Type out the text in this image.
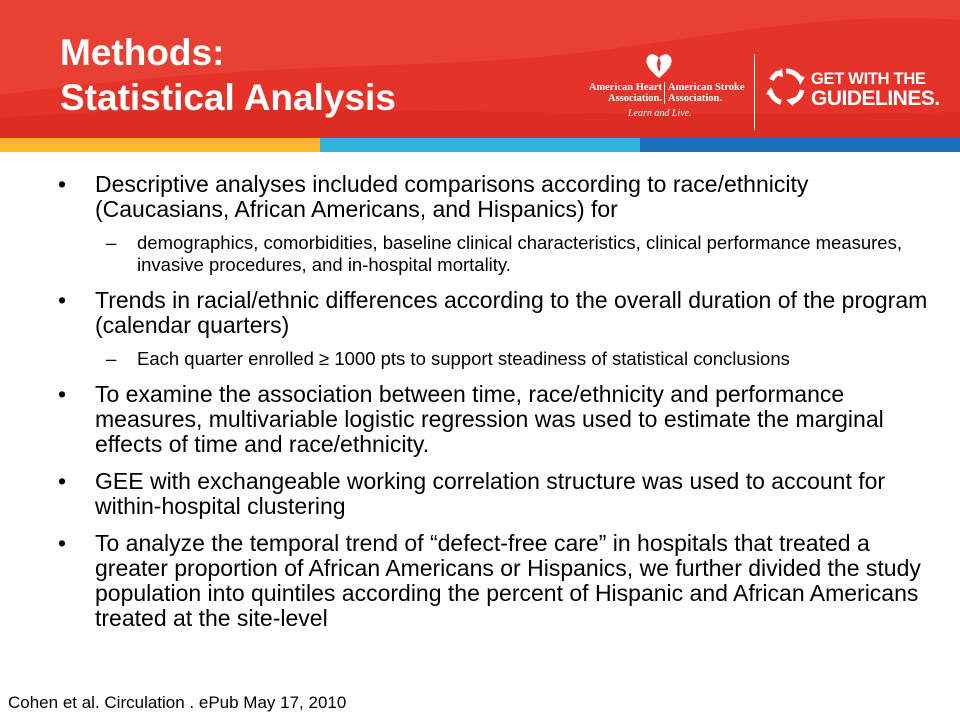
Methods:
Statistical Analysis	American Heart
Association.
American Stroke
Association.
Learn and Live.
GET WITH THE
GUIDELINES.
• Descriptive analyses included comparisons according to race/ethnicity (Caucasians, African Americans, and Hispanics) for
– demographics, comorbidities, baseline clinical characteristics, clinical performance measures, invasive procedures, and in-hospital mortality.
• Trends in racial/ethnic differences according to the overall duration of the program (calendar quarters)
– Each quarter enrolled ≥ 1000 pts to support steadiness of statistical conclusions
• To examine the association between time, race/ethnicity and performance measures, multivariable logistic regression was used to estimate the marginal effects of time and race/ethnicity.
• GEE with exchangeable working correlation structure was used to account for within-hospital clustering
• To analyze the temporal trend of “defect-free care” in hospitals that treated a greater proportion of African Americans or Hispanics, we further divided the study population into quintiles according the percent of Hispanic and African Americans treated at the site-level
Cohen et al. Circulation . ePub May 17, 2010
